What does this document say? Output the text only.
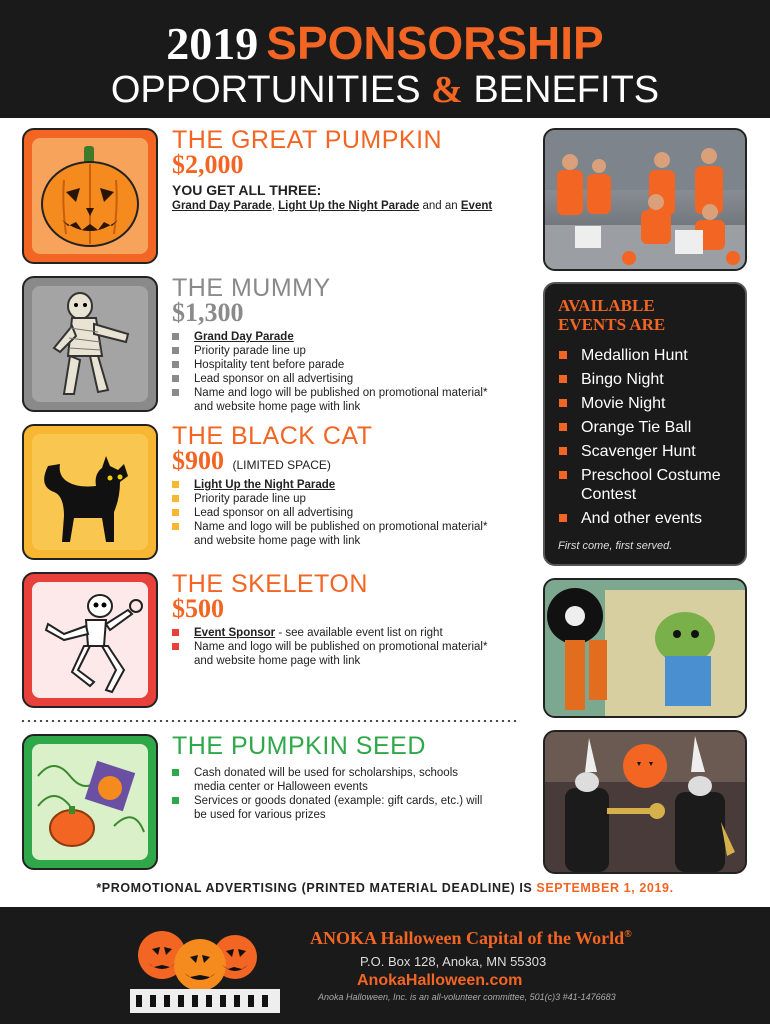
2019 SPONSORSHIP
OPPORTUNITIES & BENEFITS
THE GREAT PUMPKIN
$2,000
YOU GET ALL THREE:
Grand Day Parade, Light Up the Night Parade and an Event
THE MUMMY
$1,300
Grand Day Parade
Priority parade line up
Hospitality tent before parade
Lead sponsor on all advertising
Name and logo will be published on promotional material* and website home page with link
AVAILABLE
EVENTS ARE
Medallion Hunt
Bingo Night
Movie Night
Orange Tie Ball
Scavenger Hunt
Preschool Costume Contest
And other events
First come, first served.
THE BLACK CAT
$900 (LIMITED SPACE)
Light Up the Night Parade
Priority parade line up
Lead sponsor on all advertising
Name and logo will be published on promotional material* and website home page with link
THE SKELETON
$500
Event Sponsor - see available event list on right
Name and logo will be published on promotional material* and website home page with link
THE PUMPKIN SEED
Cash donated will be used for scholarships, schools media center or Halloween events
Services or goods donated (example: gift cards, etc.) will be used for various prizes
*PROMOTIONAL ADVERTISING (PRINTED MATERIAL DEADLINE) IS SEPTEMBER 1, 2019.
ANOKA Halloween Capital of the World®
P.O. Box 128, Anoka, MN 55303
AnokaHalloween.com
Anoka Halloween, Inc. is an all-volunteer committee, 501(c)3 #41-1476683
